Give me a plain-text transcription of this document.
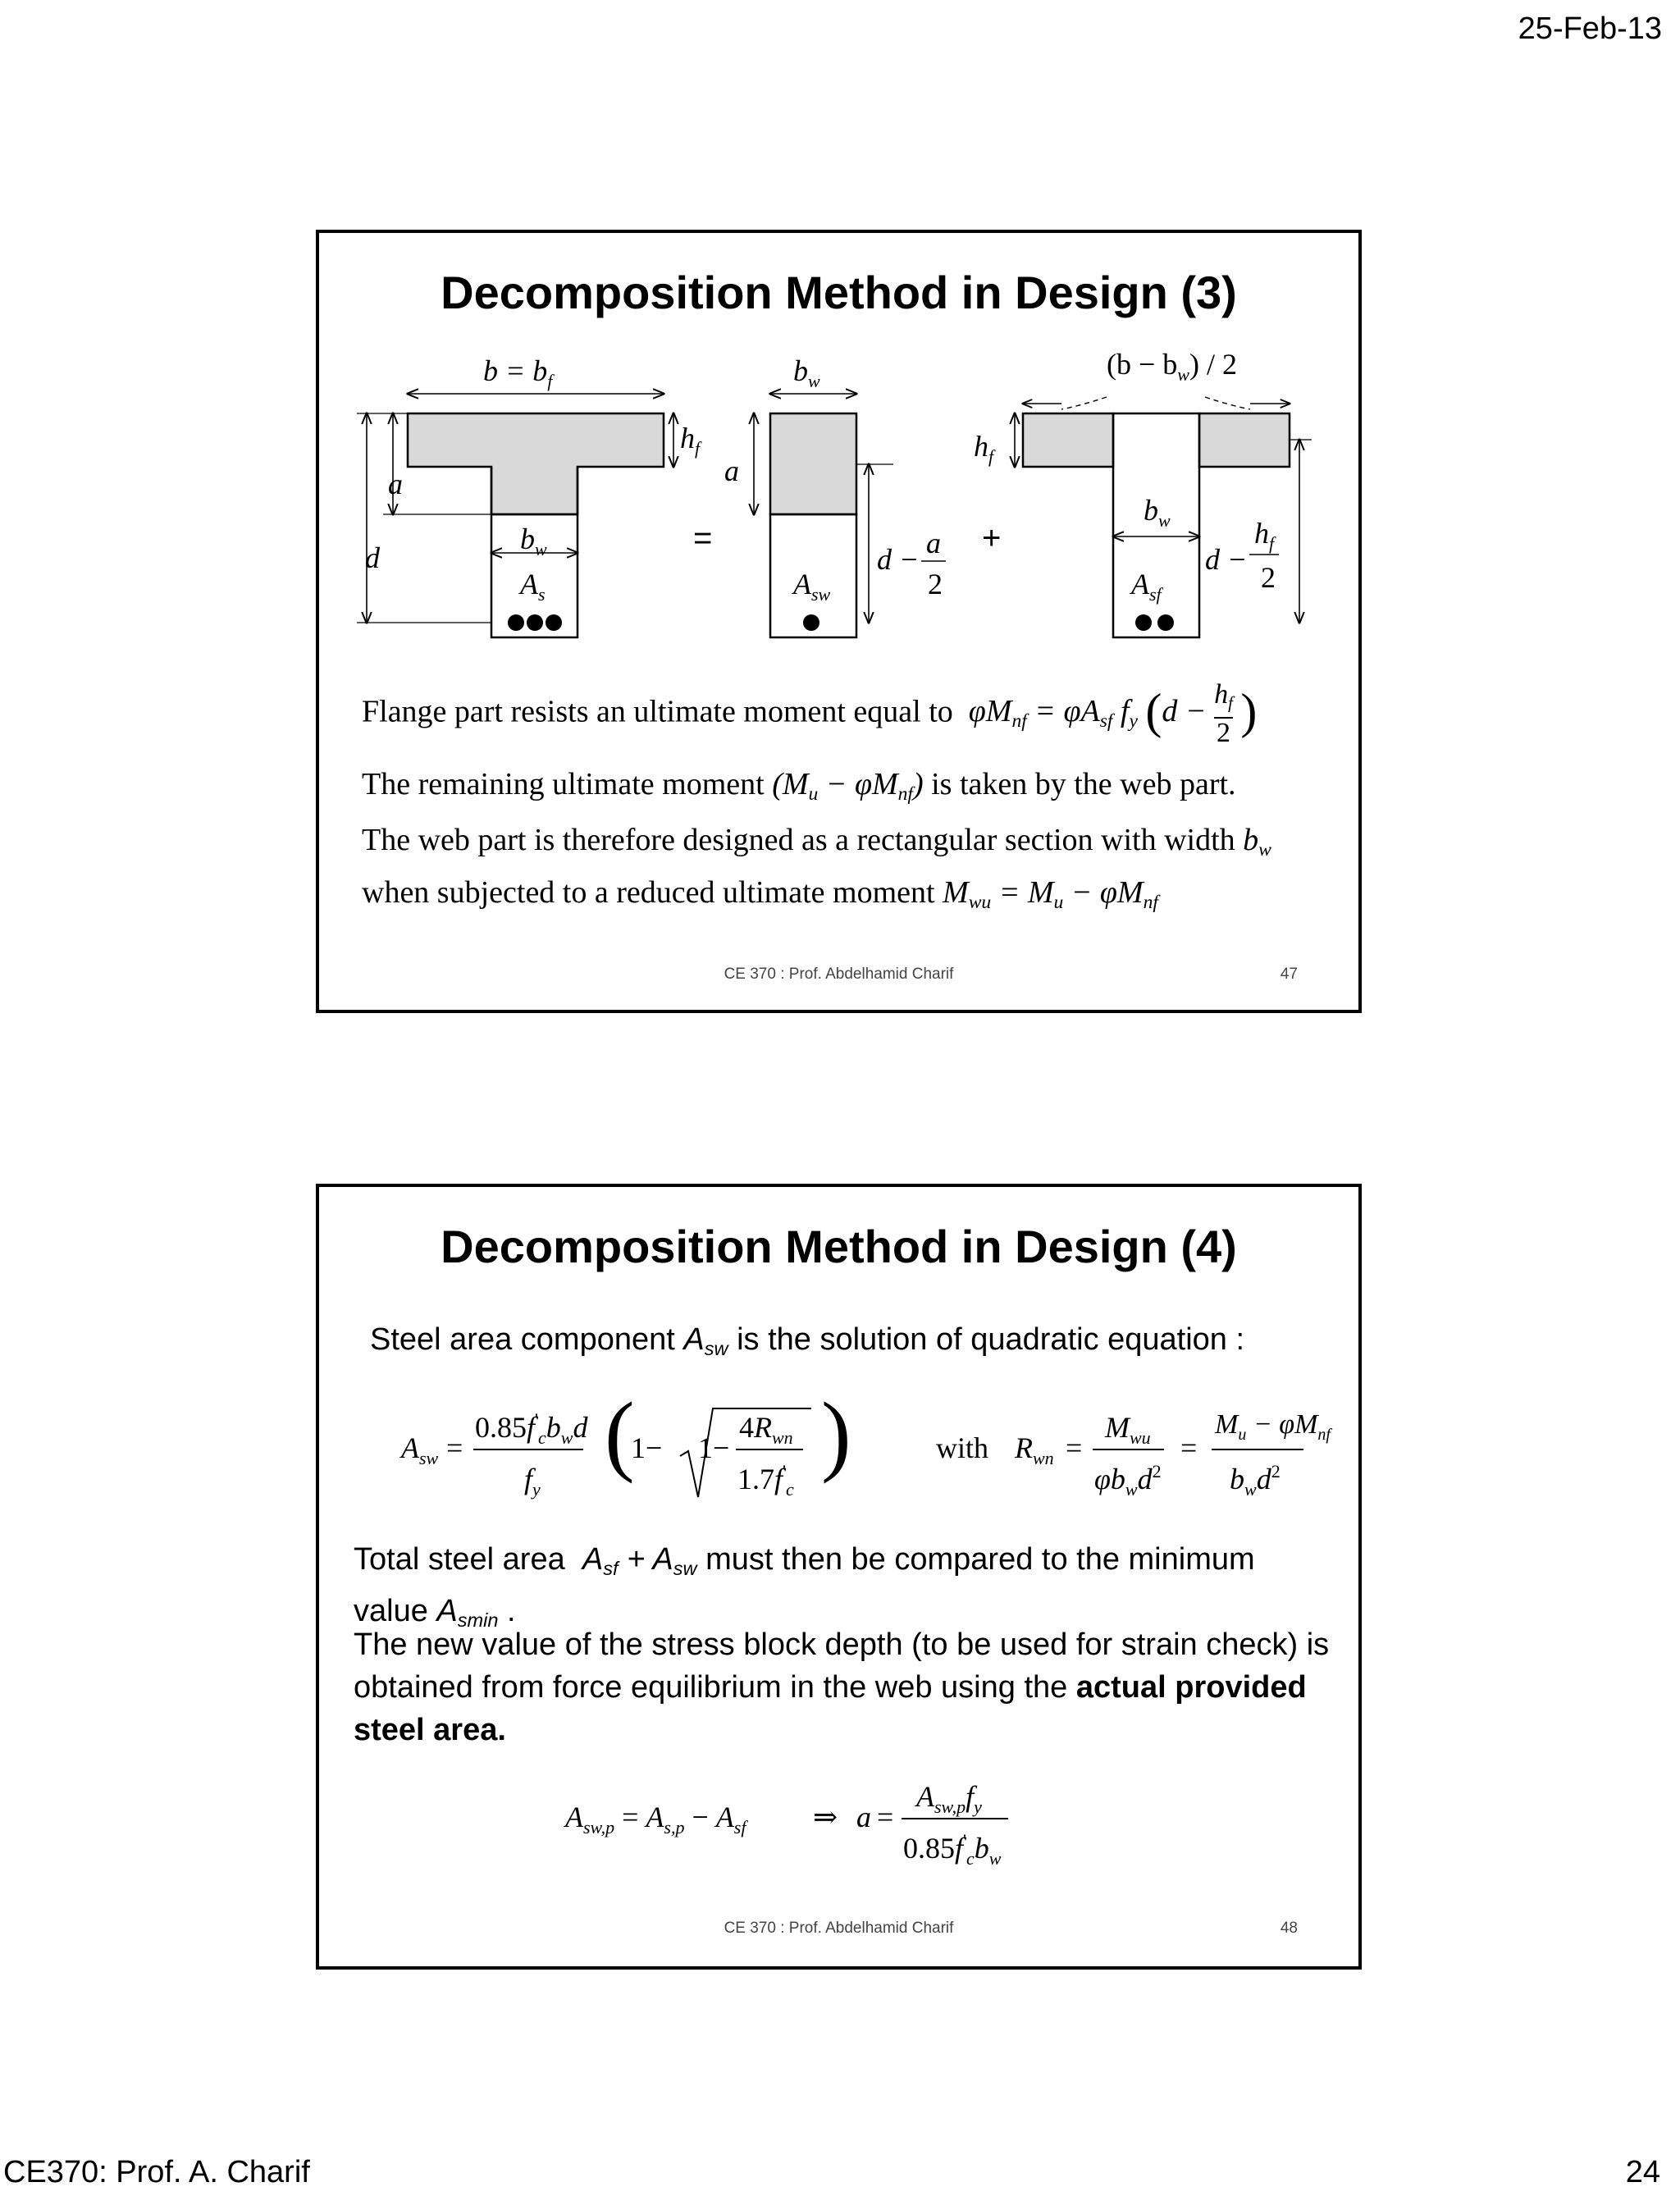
25-Feb-13
Decomposition Method in Design (3)
$b = b_f$	$b_w$
$h_f$
a
d
$b_w$
$A_s$
a
$A_{sw}$
d − a
2
$h_f$
$b_w$
$A_{sf}$
d −
$h_f$
2
$(b - b_w) / 2$
=	+
Flange part resists an ultimate moment equal to  $\varphi M_{nf} = \varphi A_{sf}$ $f_y$ ($d - \frac{h_f}{2}$ )
The remaining ultimate moment $(M_u - \varphi M_{nf})$ is taken by the web part.
The web part is therefore designed as a rectangular section with width $b_w$
when subjected to a reduced ultimate moment $M_{wu} = M_u - \varphi M_{nf}$
CE 370 : Prof. Abdelhamid Charif	47
Decomposition Method in Design (4)
Steel area component $A_{sw}$ is the solution of quadratic equation :
$A_{sw}$ =
$0.85f'_cb_wd$
$f_y$
(
1− 1−
$4R_{wn}$
$1.7f'_c$
)	with $R_{wn}$ =
$M_{wu}$
$\varphi b_wd^2$
=
$M_u - \varphi M_{nf}$
$b_wd^2$
Total steel area  $A_{sf} + A_{sw}$ must then be compared to the minimum
value $A_{smin}$ .
The new value of the stress block depth (to be used for strain check) is obtained from force equilibrium in the web using the actual provided steel area.
$A_{sw,p} = A_{s,p} - A_{sf}$ ⇒ a =
$A_{sw,p}f_y$
$0.85f'_cb_w$
CE 370 : Prof. Abdelhamid Charif	48
CE370: Prof. A. Charif	24
